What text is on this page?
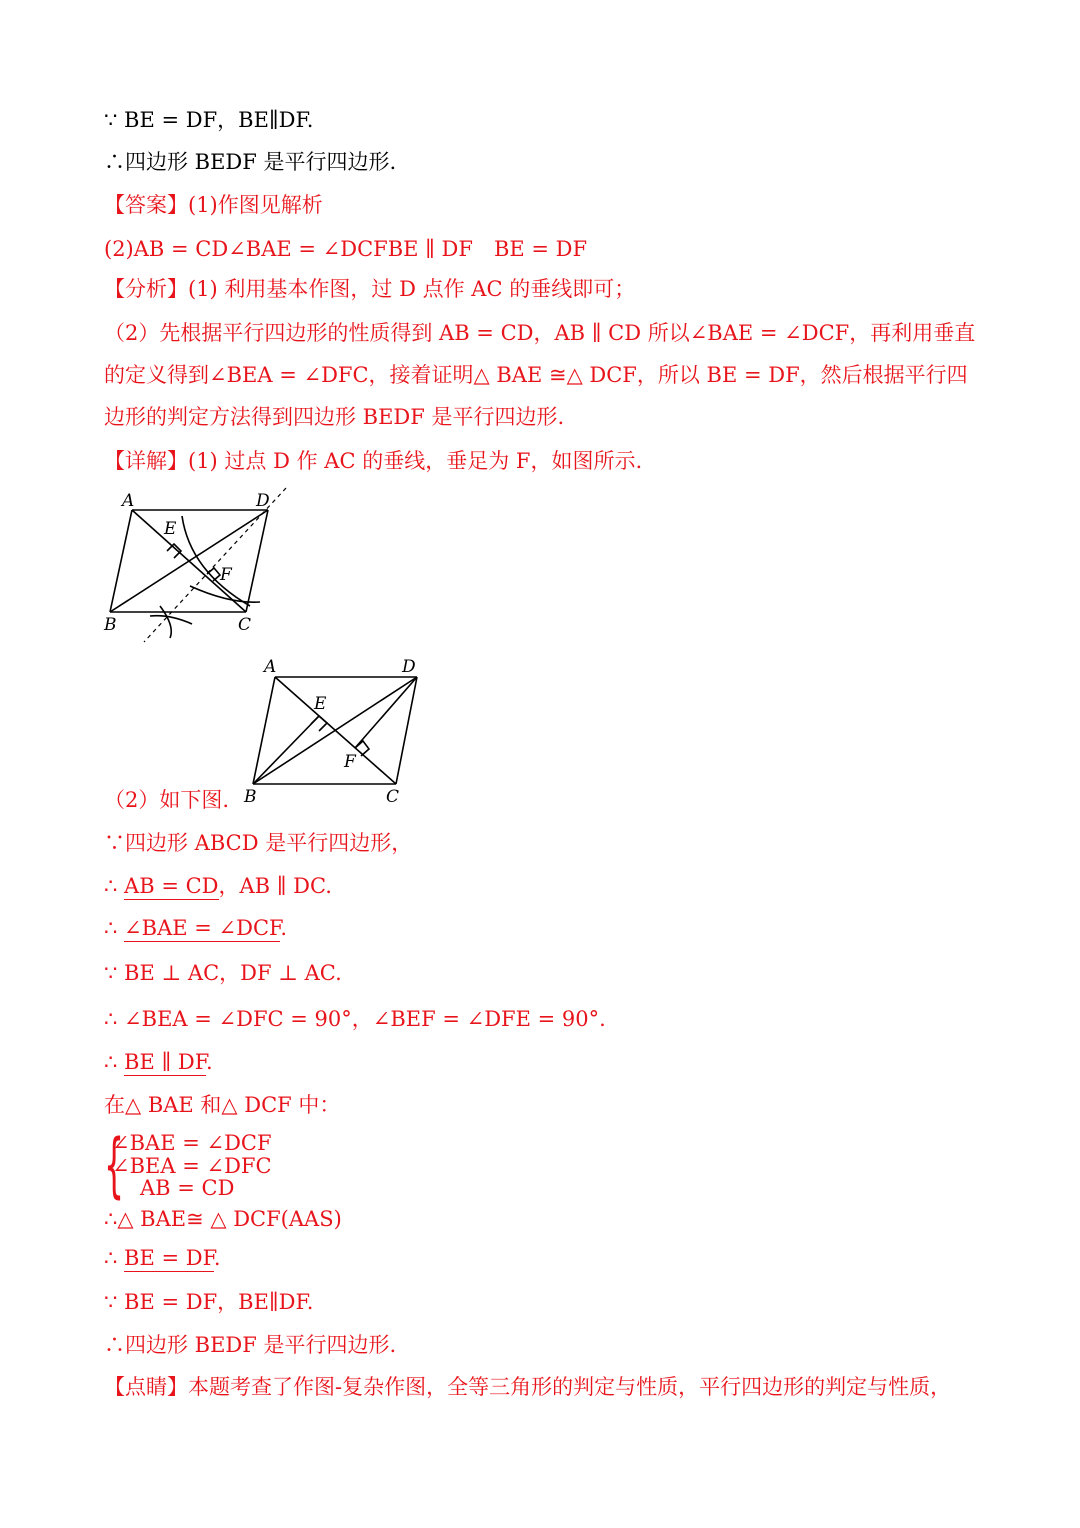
∵ BE = DF，BE∥DF.
∴四边形 BEDF 是平行四边形.
【答案】(1)作图见解析
(2)AB = CD∠BAE = ∠DCFBE ∥ DF　BE = DF
【分析】(1) 利用基本作图，过 D 点作 AC 的垂线即可；

（2）先根据平行四边形的性质得到 AB = CD，AB ∥ CD 所以∠BAE = ∠DCF，再利用垂直的定义得到∠BEA = ∠DFC，接着证明△ BAE ≅△ DCF，所以 BE = DF，然后根据平行四边形的判定方法得到四边形 BEDF 是平行四边形.

【详解】(1) 过点 D 作 AC 的垂线，垂足为 F，如图所示.
A	D
E
F
B	C
A	D
E
F
B	C
（2）如下图.
∵四边形 ABCD 是平行四边形，
∴ AB = CD，AB ∥ DC.
∴ ∠BAE = ∠DCF.
∵ BE ⊥ AC，DF ⊥ AC.
∴ ∠BEA = ∠DFC = 90°，∠BEF = ∠DFE = 90°.
∴ BE ∥ DF.
在△ BAE 和△ DCF 中：
{
∠BAE = ∠DCF
∠BEA = ∠DFC
AB = CD
∴△ BAE≅ △ DCF(AAS)
∴ BE = DF.
∵ BE = DF，BE∥DF.
∴四边形 BEDF 是平行四边形.
【点睛】本题考查了作图-复杂作图，全等三角形的判定与性质，平行四边形的判定与性质，
